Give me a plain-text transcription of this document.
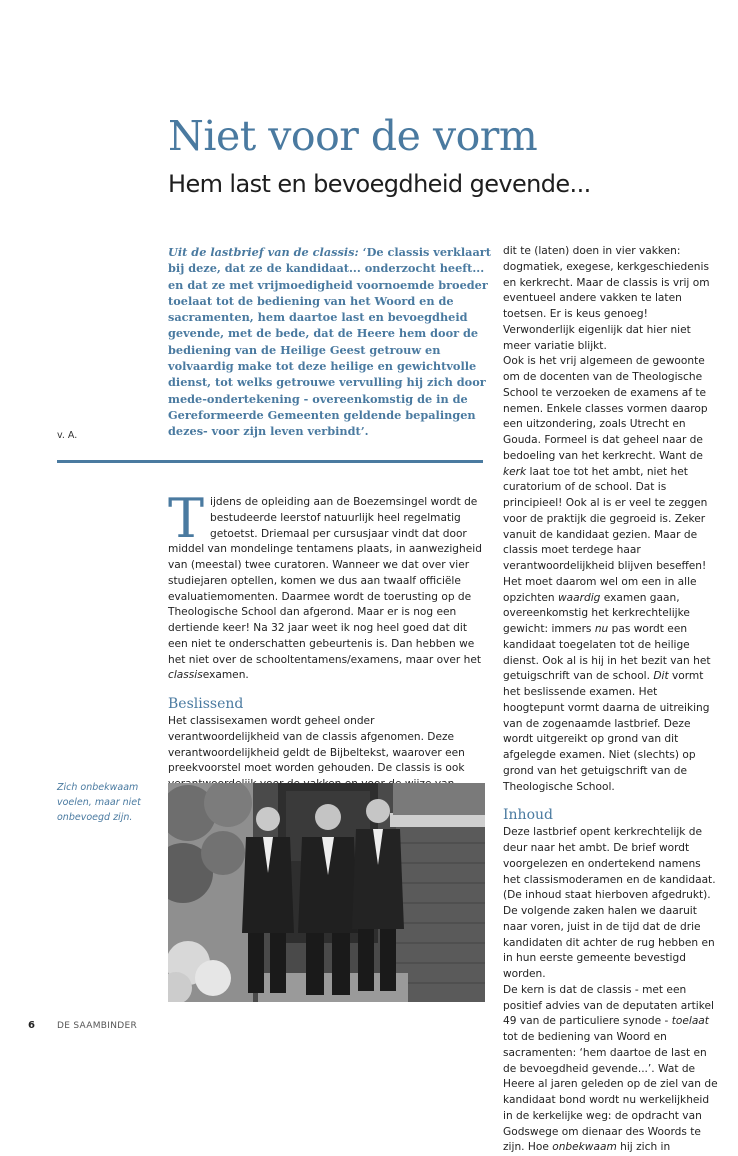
Niet voor de vorm
Hem last en bevoegdheid gevende...

Uit de lastbrief van de classis: ‘De classis verklaart bij deze, dat ze de kandidaat... onderzocht heeft... en dat ze met vrijmoedigheid voornoemde broeder toelaat tot de bediening van het Woord en de sacramenten, hem daartoe last en bevoegdheid gevende, met de bede, dat de Heere hem door de bediening van de Heilige Geest getrouw en volvaardig make tot deze heilige en gewichtvolle dienst, tot welks getrouwe vervulling hij zich door mede-ondertekening - overeenkomstig de in de Gereformeerde Gemeenten geldende bepalingen dezes- voor zijn leven verbindt’.

v. A.

Tijdens de opleiding aan de Boezemsingel wordt de bestudeerde leerstof natuurlijk heel regelmatig getoetst. Driemaal per cursusjaar vindt dat door middel van mondelinge tentamens plaats, in aanwezigheid van (meestal) twee curatoren. Wanneer we dat over vier studiejaren optellen, komen we dus aan twaalf officiële evaluatiemomenten. Daarmee wordt de toerusting op de Theologische School dan afgerond. Maar er is nog een dertiende keer! Na 32 jaar weet ik nog heel goed dat dit een niet te onderschatten gebeurtenis is. Dan hebben we het niet over de schooltentamens/examens, maar over het classisexamen.

Beslissend

Het classisexamen wordt geheel onder verantwoordelijkheid van de classis afgenomen. Deze verantwoordelijkheid geldt de Bijbeltekst, waarover een preekvoorstel moet worden gehouden. De classis is ook

dit te (laten) doen in vier vakken: dogmatiek, exegese, kerkgeschiedenis en kerkrecht. Maar de classis is vrij om eventueel andere vakken te laten toetsen. Er is keus genoeg! Verwonderlijk eigenlijk dat hier niet meer variatie blijkt.

Ook is het vrij algemeen de gewoonte om de docenten van de Theologische School te verzoeken de examens af te nemen. Enkele classes vormen daarop een uitzondering, zoals Utrecht en Gouda. Formeel is dat geheel naar de bedoeling van het kerkrecht. Want de kerk laat toe tot het ambt, niet het curatorium of de school. Dat is principieel! Ook al is er veel te zeggen voor de praktijk die gegroeid is. Zeker vanuit de kandidaat gezien. Maar de classis moet terdege haar verantwoordelijkheid blijven beseffen! Het moet daarom wel om een in alle opzichten waardig examen gaan, overeenkomstig het kerkrechtelijke gewicht: immers nu pas wordt een kandidaat toegelaten tot de heilige dienst. Ook al is hij in het bezit van het getuigschrift van de school. Dit vormt het beslissende examen. Het hoogtepunt vormt daarna de uitreiking van de zogenaamde lastbrief. Deze wordt uitgereikt op grond van dit afgelegde examen. Niet (slechts) op grond van het getuigschrift van de Theologische School.

Inhoud

Deze lastbrief opent kerkrechtelijk de deur naar het ambt. De brief wordt voorgelezen en ondertekend namens het classismoderamen en de kandidaat. (De inhoud staat hierboven afgedrukt). De volgende zaken halen we daaruit naar voren, juist in de tijd dat de drie kandidaten dit achter de rug hebben en in hun eerste gemeente bevestigd worden.

De kern is dat de classis - met een positief advies van de deputaten artikel 49 van de particuliere synode - toelaat tot de bediening van Woord en sacramenten: ‘hem daartoe de last en de bevoegdheid gevende...’. Wat de Heere al jaren geleden op de ziel van de kandidaat bond wordt nu werkelijkheid in de kerkelijke weg: de opdracht van Godswege om dienaar des Woords te zijn. Hoe onbekwaam hij zich in

Zich onbekwaam voelen, maar niet onbevoegd zijn.
6 DE SAAMBINDER
